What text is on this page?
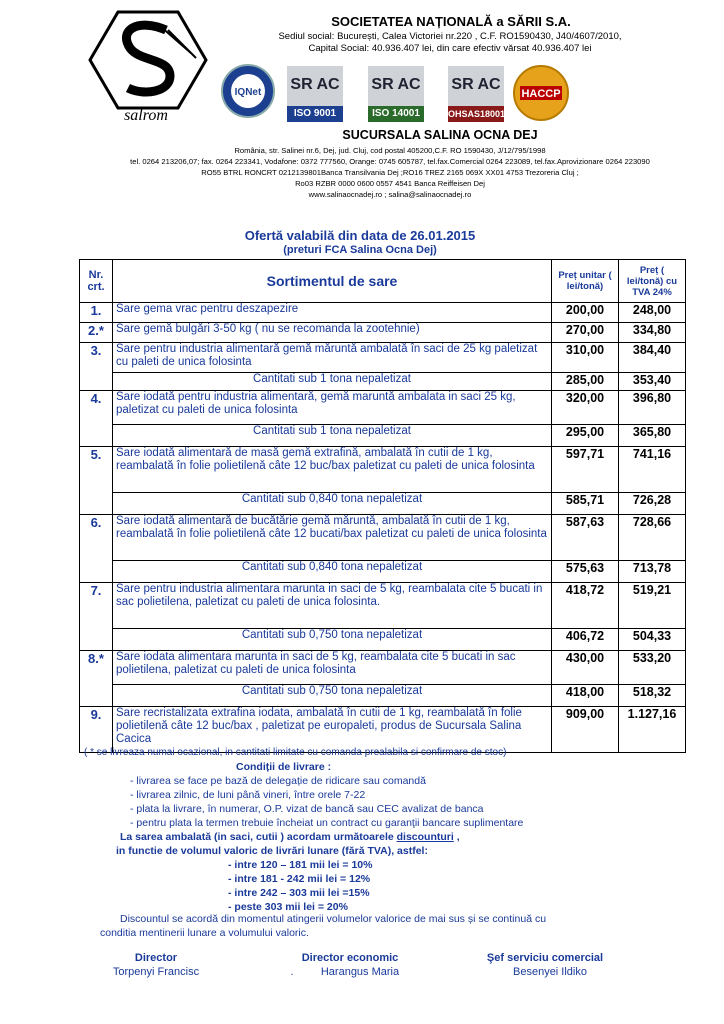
salrom
SOCIETATEA NAȚIONALĂ a SĂRII S.A.
Sediul social: București, Calea Victoriei nr.220 , C.F. RO1590430, J40/4607/2010,
Capital Social: 40.936.407 lei, din care efectiv vărsat 40.936.407 lei
IQNet SR AC
ISO 9001
SR AC
ISO 14001
SR AC
OHSAS18001
HACCP
SUCURSALA SALINA OCNA DEJ
România, str. Salinei nr.6, Dej, jud. Cluj, cod postal 405200,C.F. RO 1590430, J/12/795/1998
tel. 0264 213206,07; fax. 0264 223341, Vodafone: 0372 777560, Orange: 0745 605787, tel.fax.Comercial 0264 223089, tel.fax.Aprovizionare 0264 223090
RO55 BTRL RONCRT 0212139801Banca Transilvania Dej ;RO16 TREZ 2165 069X XX01 4753 Trezoreria Cluj ;
Ro03 RZBR 0000 0600 0557 4541 Banca Reiffeisen Dej
www.salinaocnadej.ro ; salina@salinaocnadej.ro
Ofertă valabilă din data de 26.01.2015
(preturi FCA Salina Ocna Dej)
Nr. crt.	Sortimentul de sare	Preț unitar ( lei/tonă)	Preț ( lei/tonă) cu TVA 24%
1.	Sare gema vrac pentru deszapezire	200,00	248,00
2.*	Sare gemă bulgări 3-50 kg ( nu se recomanda la zootehnie)	270,00	334,80
3.	Sare pentru industria alimentară gemă măruntă ambalată în saci de 25 kg paletizat cu paleti de unica folosinta	310,00	384,40
	Cantitati sub 1 tona nepaletizat	285,00	353,40
4.	Sare iodată pentru industria alimentară, gemă maruntă ambalata in saci 25 kg, paletizat cu paleti de unica folosinta	320,00	396,80
	Cantitati sub 1 tona nepaletizat	295,00	365,80
5.	Sare iodată alimentară de masă gemă extrafină, ambalată în cutii de 1 kg, reambalată în folie polietilenă câte 12 buc/bax paletizat cu paleti de unica folosinta	597,71	741,16
	Cantitati sub 0,840 tona nepaletizat	585,71	726,28
6.	Sare iodată alimentară de bucătărie gemă măruntă, ambalată în cutii de 1 kg, reambalată în folie polietilenă câte 12 bucati/bax paletizat cu paleti de unica folosinta	587,63	728,66
	Cantitati sub 0,840 tona nepaletizat	575,63	713,78
7.	Sare pentru industria alimentara marunta in saci de 5 kg, reambalata cite 5 bucati in sac polietilena, paletizat cu paleti de unica folosinta.	418,72	519,21
	Cantitati sub 0,750 tona nepaletizat	406,72	504,33
8.*	Sare iodata alimentara marunta in saci de 5 kg, reambalata cite 5 bucati in sac polietilena, paletizat cu paleti de unica folosinta	430,00	533,20
	Cantitati sub 0,750 tona nepaletizat	418,00	518,32
9.	Sare recristalizata extrafina iodata, ambalată în cutii de 1 kg, reambalată în folie polietilenă câte 12 buc/bax , paletizat pe europaleti, produs de Sucursala Salina Cacica	909,00	1.127,16
( * se livreaza numai ocazional, in cantitati limitate cu comanda prealabila si confirmare de stoc)
Condiții de livrare :
- livrarea se face pe bază de delegație de ridicare sau comandă
- livrarea zilnic, de luni până vineri, între orele 7-22
- plata la livrare, în numerar, O.P. vizat de bancă sau CEC avalizat de banca
- pentru plata la termen trebuie încheiat un contract cu garanţii bancare suplimentare
La sarea ambalată (in saci, cutii ) acordam următoarele discounturi ,
in functie de volumul valoric de livrări lunare (fără TVA), astfel:
- intre 120 – 181 mii lei = 10%
- intre 181 - 242 mii lei = 12%
- intre 242 – 303 mii lei =15%
- peste 303 mii lei = 20%
Discountul se acordă din momentul atingerii volumelor valorice de mai sus și se continuă cu
conditia mentinerii lunare a volumului valoric.
Director
Torpenyi Francisc
Director economic
.	Harangus Maria
Şef serviciu comercial
Besenyei Ildiko
